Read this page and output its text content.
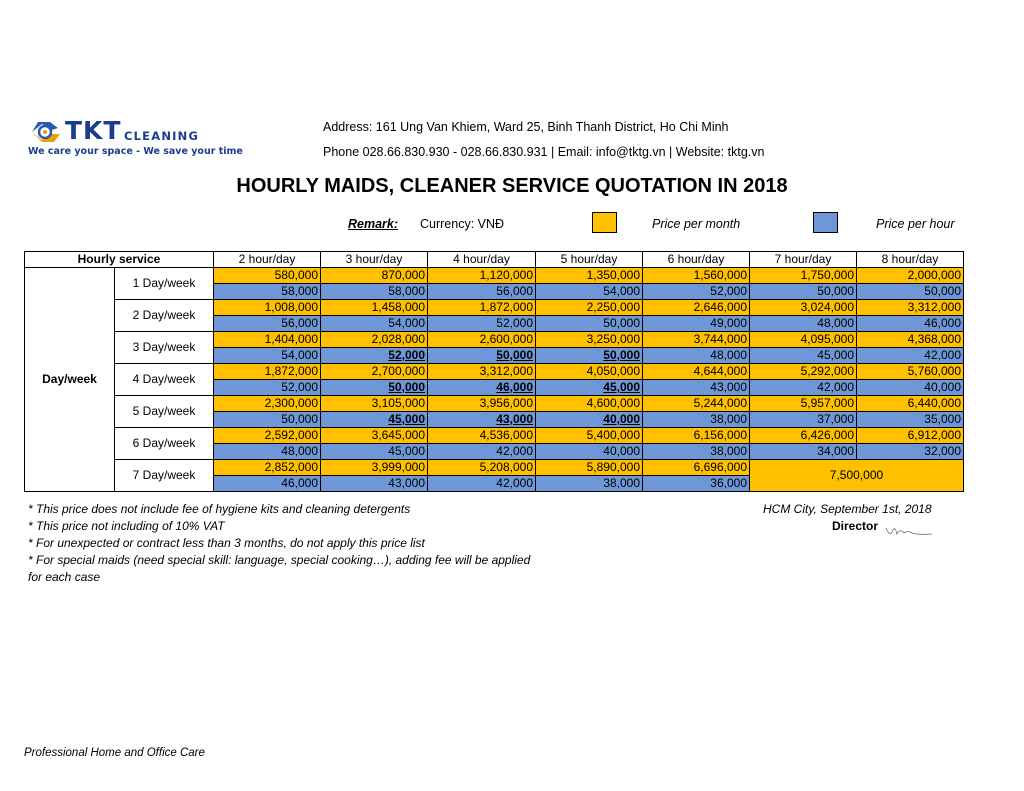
TKT CLEANING
We care your space - We save your time
Address: 161 Ung Van Khiem, Ward 25, Binh Thanh District, Ho Chi Minh
Phone 028.66.830.930 - 028.66.830.931 | Email: info@tktg.vn | Website: tktg.vn
HOURLY MAIDS, CLEANER SERVICE QUOTATION IN 2018
Remark: Currency: VNĐ	Price per month	Price per hour
Hourly service		2 hour/day	3 hour/day	4 hour/day	5 hour/day	6 hour/day	7 hour/day	8 hour/day
Day/week	1 Day/week	580,000	870,000	1,120,000	1,350,000	1,560,000	1,750,000	2,000,000
		58,000	58,000	56,000	54,000	52,000	50,000	50,000
	2 Day/week	1,008,000	1,458,000	1,872,000	2,250,000	2,646,000	3,024,000	3,312,000
		56,000	54,000	52,000	50,000	49,000	48,000	46,000
	3 Day/week	1,404,000	2,028,000	2,600,000	3,250,000	3,744,000	4,095,000	4,368,000
		54,000	52,000	50,000	50,000	48,000	45,000	42,000
	4 Day/week	1,872,000	2,700,000	3,312,000	4,050,000	4,644,000	5,292,000	5,760,000
		52,000	50,000	46,000	45,000	43,000	42,000	40,000
	5 Day/week	2,300,000	3,105,000	3,956,000	4,600,000	5,244,000	5,957,000	6,440,000
		50,000	45,000	43,000	40,000	38,000	37,000	35,000
	6 Day/week	2,592,000	3,645,000	4,536,000	5,400,000	6,156,000	6,426,000	6,912,000
		48,000	45,000	42,000	40,000	38,000	34,000	32,000
	7 Day/week	2,852,000	3,999,000	5,208,000	5,890,000	6,696,000	7,500,000	
		46,000	43,000	42,000	38,000	36,000		
* This price does not include fee of hygiene kits and cleaning detergents
* This price not including of 10% VAT
* For unexpected or contract less than 3 months, do not apply this price list
* For special maids (need special skill: language, special cooking…), adding fee will be applied
for each case
HCM City, September 1st, 2018
Director
Professional Home and Office Care
